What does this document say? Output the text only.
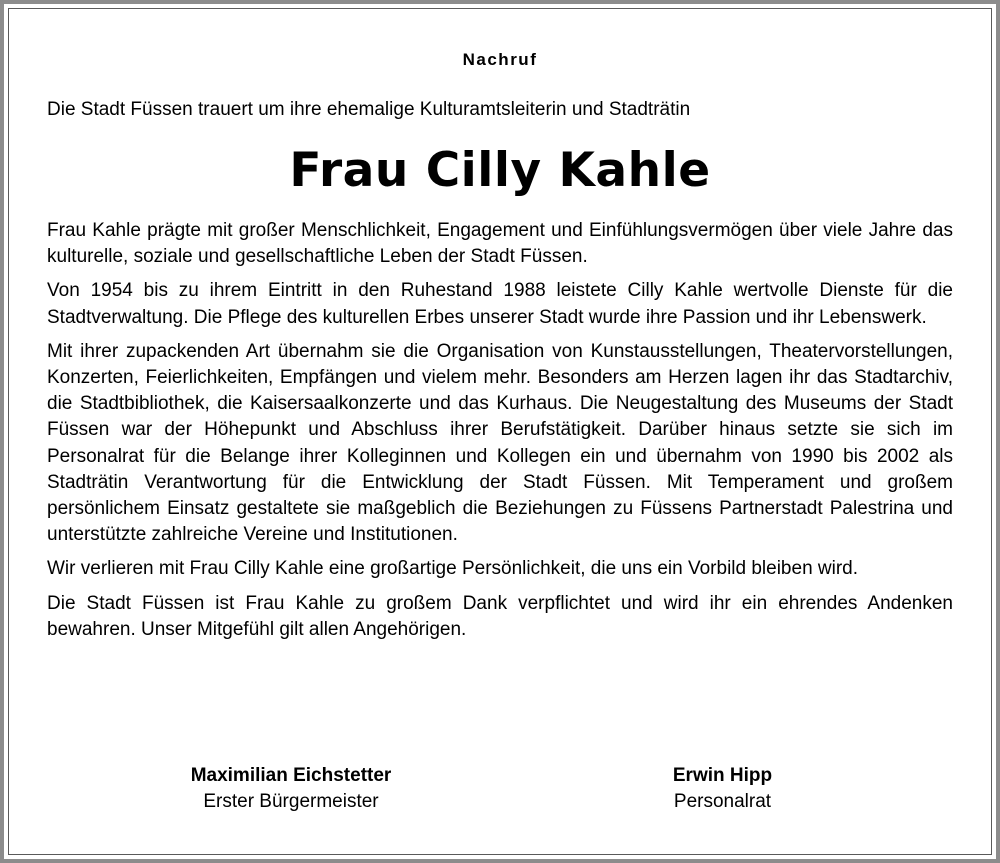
Nachruf
Die Stadt Füssen trauert um ihre ehemalige Kulturamtsleiterin und Stadträtin
Frau Cilly Kahle

Frau Kahle prägte mit großer Menschlichkeit, Engagement und Einfühlungsvermögen über viele Jahre das kulturelle, soziale und gesellschaftliche Leben der Stadt Füssen.

Von 1954 bis zu ihrem Eintritt in den Ruhestand 1988 leistete Cilly Kahle wertvolle Dienste für die Stadtverwaltung. Die Pflege des kulturellen Erbes unserer Stadt wurde ihre Passion und ihr Lebenswerk.

Mit ihrer zupackenden Art übernahm sie die Organisation von Kunstausstellungen, Theatervorstellungen, Konzerten, Feierlichkeiten, Empfängen und vielem mehr. Besonders am Herzen lagen ihr das Stadtarchiv, die Stadtbibliothek, die Kaisersaalkonzerte und das Kurhaus. Die Neugestaltung des Museums der Stadt Füssen war der Höhepunkt und Abschluss ihrer Berufstätigkeit. Darüber hinaus setzte sie sich im Personalrat für die Belange ihrer Kolleginnen und Kollegen ein und übernahm von 1990 bis 2002 als Stadträtin Verantwortung für die Entwicklung der Stadt Füssen. Mit Temperament und großem persönlichem Einsatz gestaltete sie maßgeblich die Beziehungen zu Füssens Partnerstadt Palestrina und unterstützte zahlreiche Vereine und Institutionen.

Wir verlieren mit Frau Cilly Kahle eine großartige Persönlichkeit, die uns ein Vorbild bleiben wird.

Die Stadt Füssen ist Frau Kahle zu großem Dank verpflichtet und wird ihr ein ehrendes Andenken bewahren. Unser Mitgefühl gilt allen Angehörigen.

Maximilian Eichstetter
Erster Bürgermeister
Erwin Hipp
Personalrat
